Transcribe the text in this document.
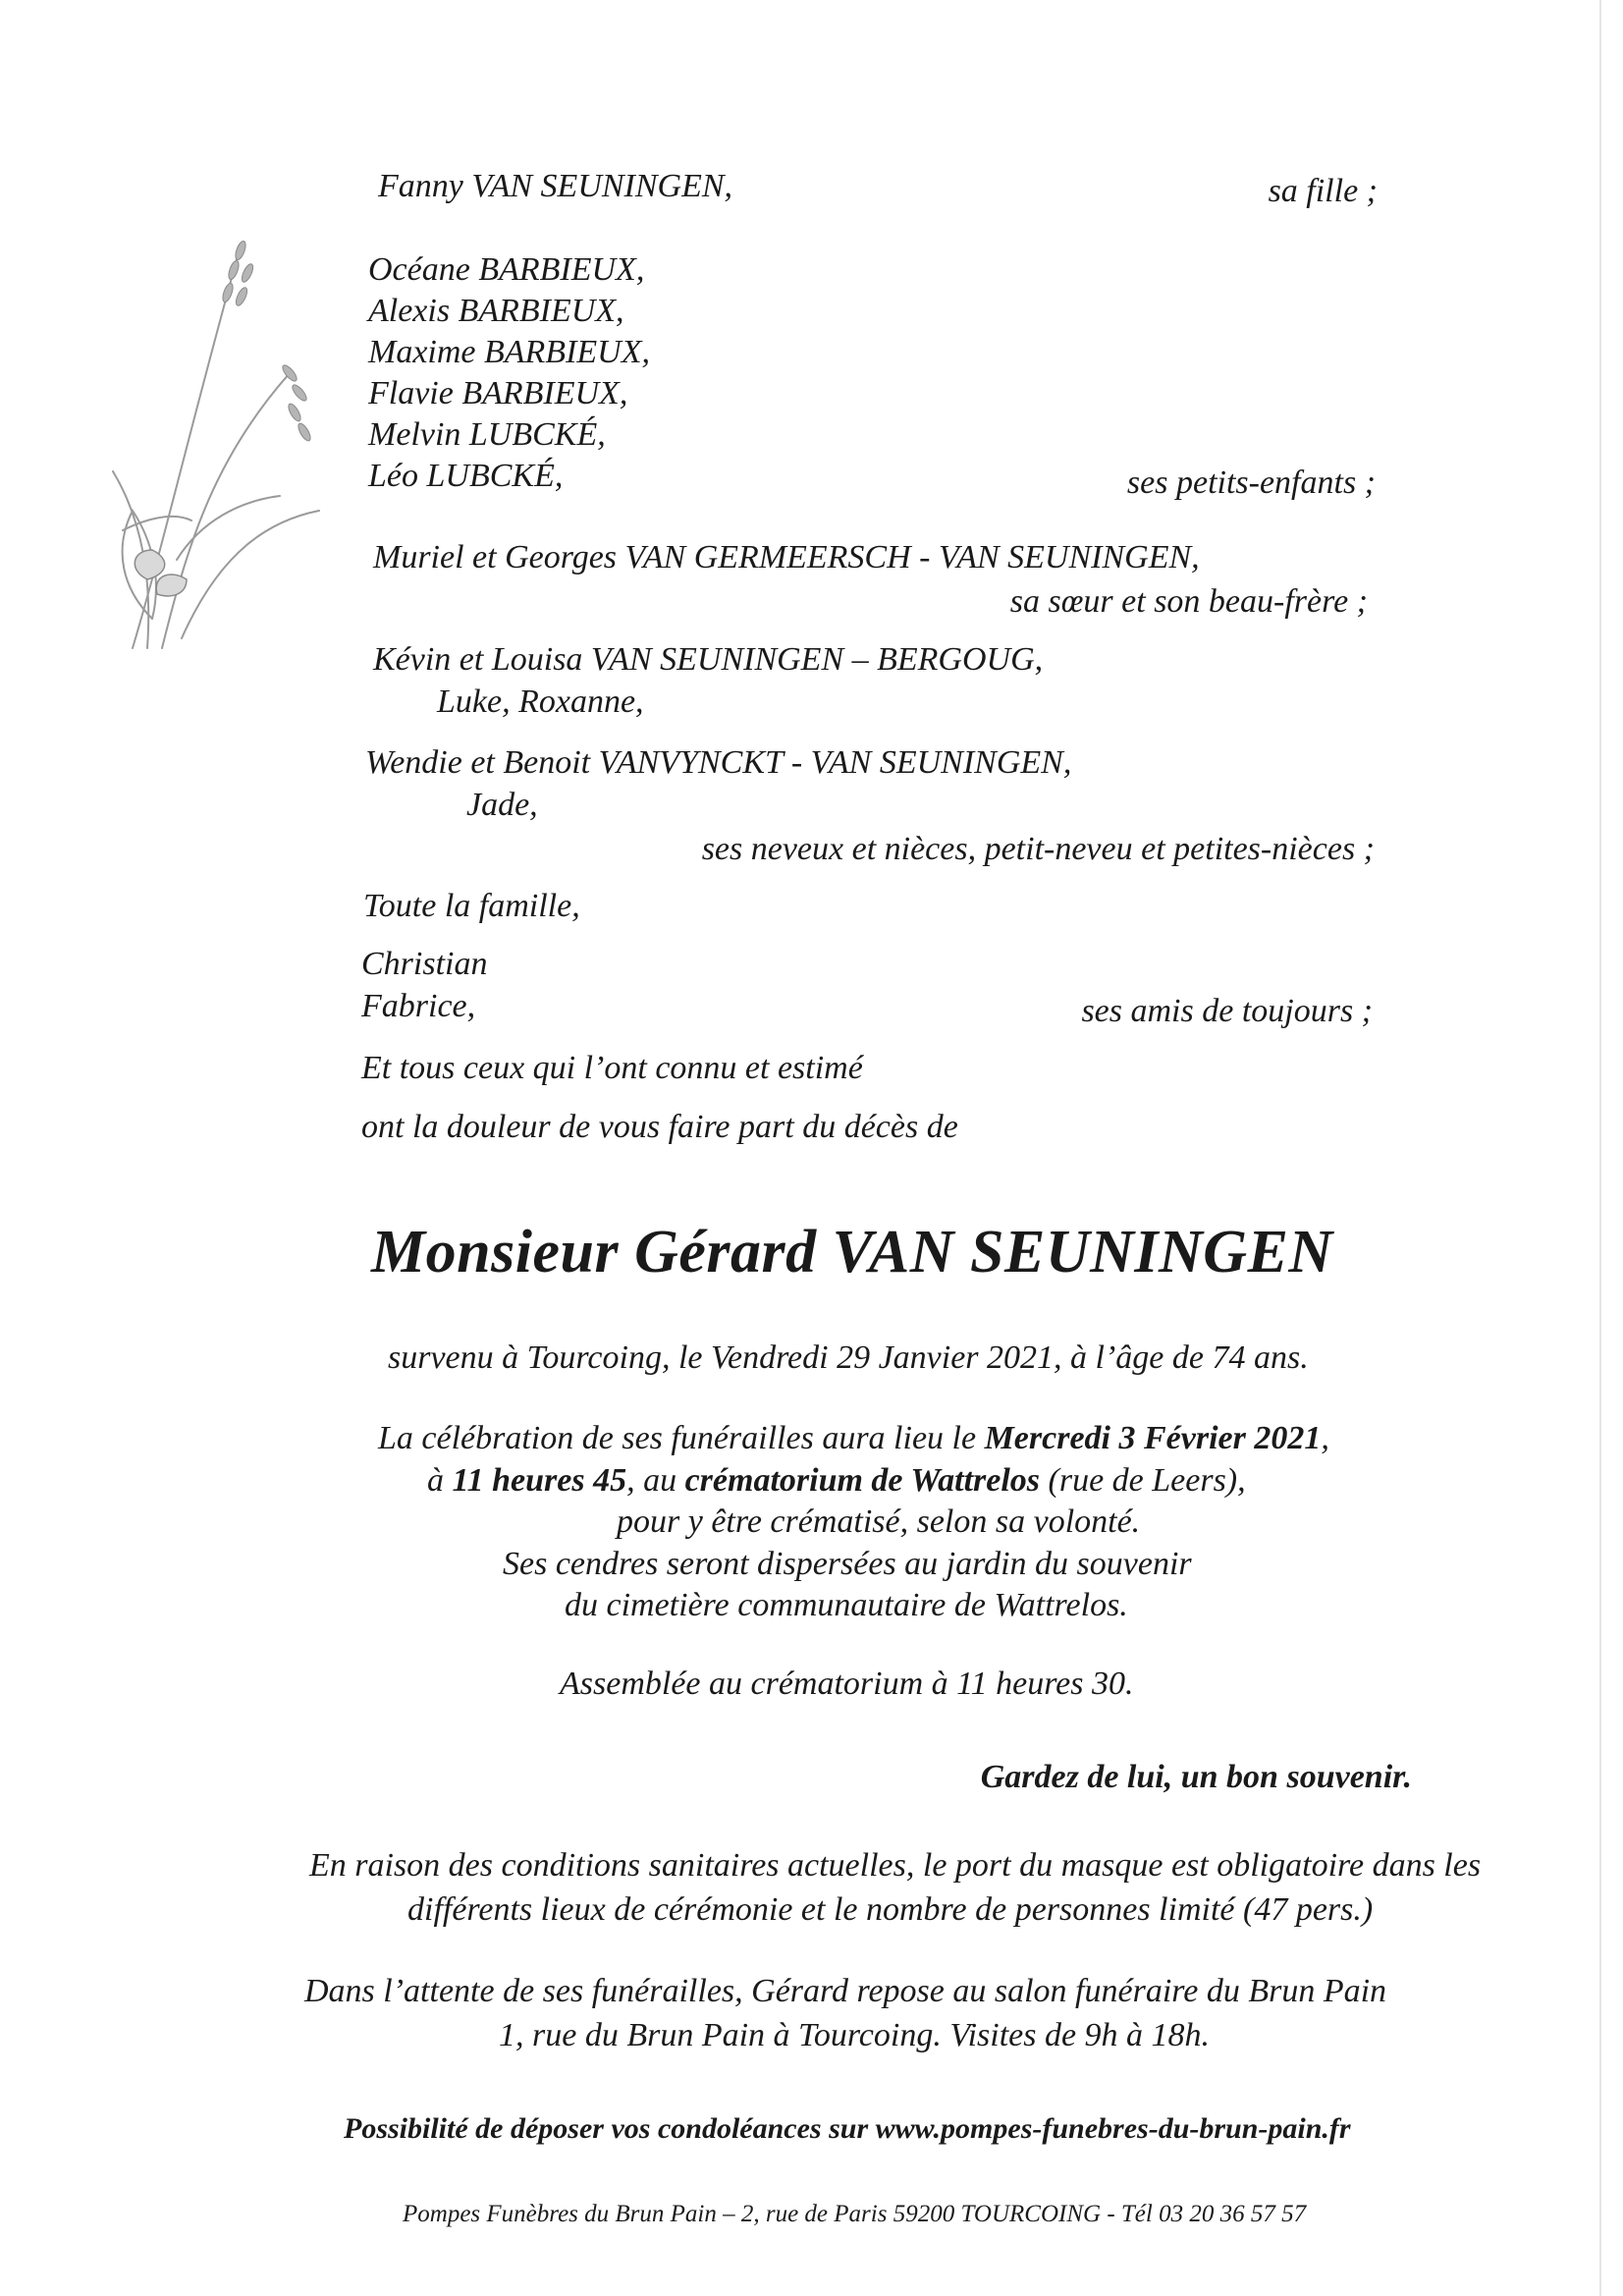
Fanny VAN SEUNINGEN,	sa fille ;
Océane BARBIEUX,
Alexis BARBIEUX,
Maxime BARBIEUX,
Flavie BARBIEUX,
Melvin LUBCKÉ,
Léo LUBCKÉ,	ses petits-enfants ;
Muriel et Georges VAN GERMEERSCH - VAN SEUNINGEN,
sa sœur et son beau-frère ;
Kévin et Louisa VAN SEUNINGEN – BERGOUG,
Luke, Roxanne,
Wendie et Benoit VANVYNCKT - VAN SEUNINGEN,
Jade,
ses neveux et nièces, petit-neveu et petites-nièces ;
Toute la famille,
Christian
Fabrice,	ses amis de toujours ;
Et tous ceux qui l’ont connu et estimé
ont la douleur de vous faire part du décès de
Monsieur Gérard VAN SEUNINGEN
survenu à Tourcoing, le Vendredi 29 Janvier 2021, à l’âge de 74 ans.
La célébration de ses funérailles aura lieu le Mercredi 3 Février 2021,
à 11 heures 45, au crématorium de Wattrelos (rue de Leers),
pour y être crématisé, selon sa volonté.
Ses cendres seront dispersées au jardin du souvenir
du cimetière communautaire de Wattrelos.
Assemblée au crématorium à 11 heures 30.
Gardez de lui, un bon souvenir.
En raison des conditions sanitaires actuelles, le port du masque est obligatoire dans les
différents lieux de cérémonie et le nombre de personnes limité (47 pers.)
Dans l’attente de ses funérailles, Gérard repose au salon funéraire du Brun Pain
1, rue du Brun Pain à Tourcoing. Visites de 9h à 18h.
Possibilité de déposer vos condoléances sur www.pompes-funebres-du-brun-pain.fr
Pompes Funèbres du Brun Pain – 2, rue de Paris 59200 TOURCOING - Tél 03 20 36 57 57
